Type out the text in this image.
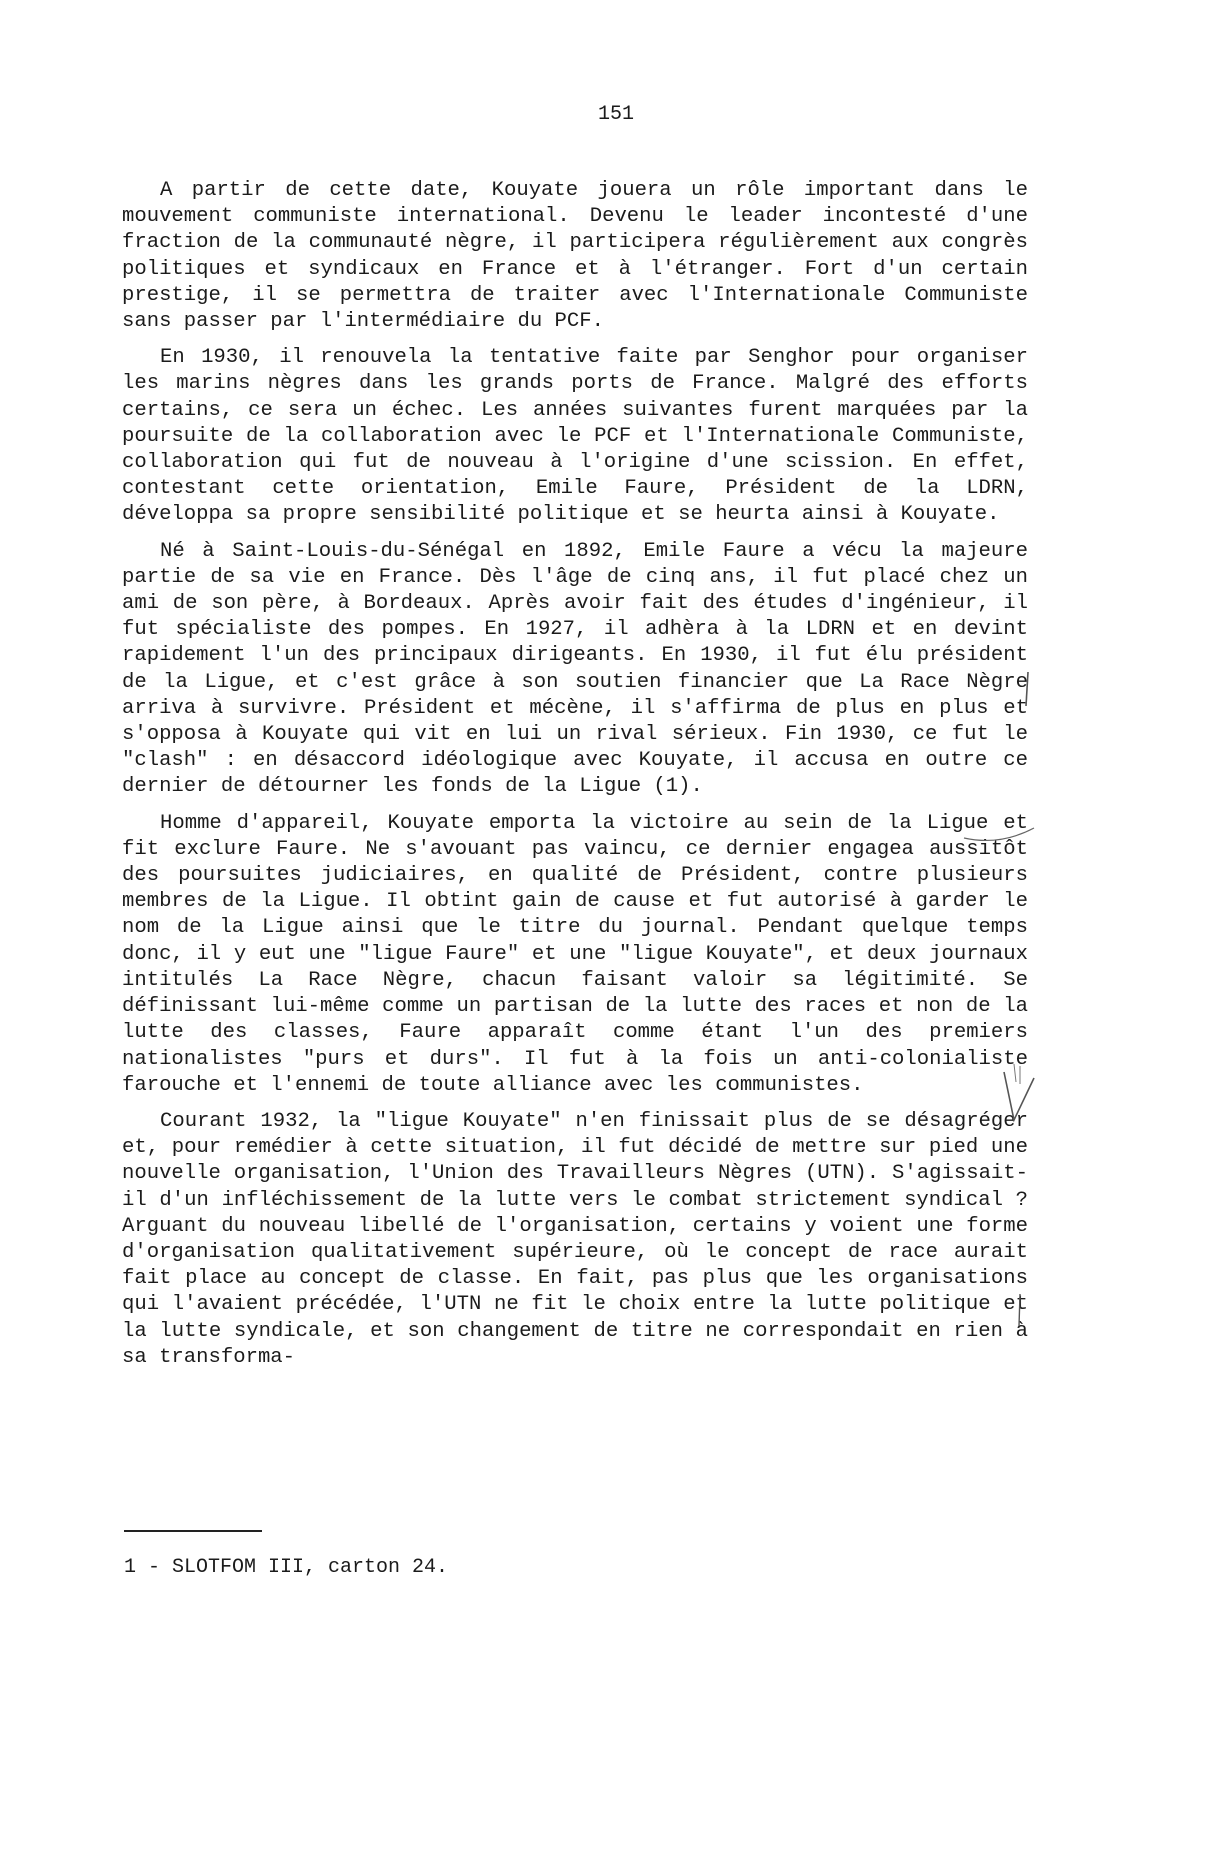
151

A partir de cette date, Kouyate jouera un rôle important dans le mouvement communiste international. Devenu le leader incontesté d'une fraction de la communauté nègre, il participera régulièrement aux congrès politiques et syndicaux en France et à l'étranger. Fort d'un certain prestige, il se permettra de traiter avec l'Internationale Communiste sans passer par l'intermédiaire du PCF.

En 1930, il renouvela la tentative faite par Senghor pour organiser les marins nègres dans les grands ports de France. Malgré des efforts certains, ce sera un échec. Les années suivantes furent marquées par la poursuite de la collaboration avec le PCF et l'Internationale Communiste, collaboration qui fut de nouveau à l'origine d'une scission. En effet, contestant cette orientation, Emile Faure, Président de la LDRN, développa sa propre sensibilité politique et se heurta ainsi à Kouyate.

Né à Saint-Louis-du-Sénégal en 1892, Emile Faure a vécu la majeure partie de sa vie en France. Dès l'âge de cinq ans, il fut placé chez un ami de son père, à Bordeaux. Après avoir fait des études d'ingénieur, il fut spécialiste des pompes. En 1927, il adhèra à la LDRN et en devint rapidement l'un des principaux dirigeants. En 1930, il fut élu président de la Ligue, et c'est grâce à son soutien financier que La Race Nègre arriva à survivre. Président et mécène, il s'affirma de plus en plus et s'opposa à Kouyate qui vit en lui un rival sérieux. Fin 1930, ce fut le "clash" : en désaccord idéologique avec Kouyate, il accusa en outre ce dernier de détourner les fonds de la Ligue (1).

Homme d'appareil, Kouyate emporta la victoire au sein de la Ligue et fit exclure Faure. Ne s'avouant pas vaincu, ce dernier engagea aussitôt des poursuites judiciaires, en qualité de Président, contre plusieurs membres de la Ligue. Il obtint gain de cause et fut autorisé à garder le nom de la Ligue ainsi que le titre du journal. Pendant quelque temps donc, il y eut une "ligue Faure" et une "ligue Kouyate", et deux journaux intitulés La Race Nègre, chacun faisant valoir sa légitimité. Se définissant lui-même comme un partisan de la lutte des races et non de la lutte des classes, Faure apparaît comme étant l'un des premiers nationalistes "purs et durs". Il fut à la fois un anti-colonialiste farouche et l'ennemi de toute alliance avec les communistes.

Courant 1932, la "ligue Kouyate" n'en finissait plus de se désagréger et, pour remédier à cette situation, il fut décidé de mettre sur pied une nouvelle organisation, l'Union des Travailleurs Nègres (UTN). S'agissait-il d'un infléchissement de la lutte vers le combat strictement syndical ? Arguant du nouveau libellé de l'organisation, certains y voient une forme d'organisation qualitativement supérieure, où le concept de race aurait fait place au concept de classe. En fait, pas plus que les organisations qui l'avaient précédée, l'UTN ne fit le choix entre la lutte politique et la lutte syndicale, et son changement de titre ne correspondait en rien à sa transforma-

1 - SLOTFOM III, carton 24.
